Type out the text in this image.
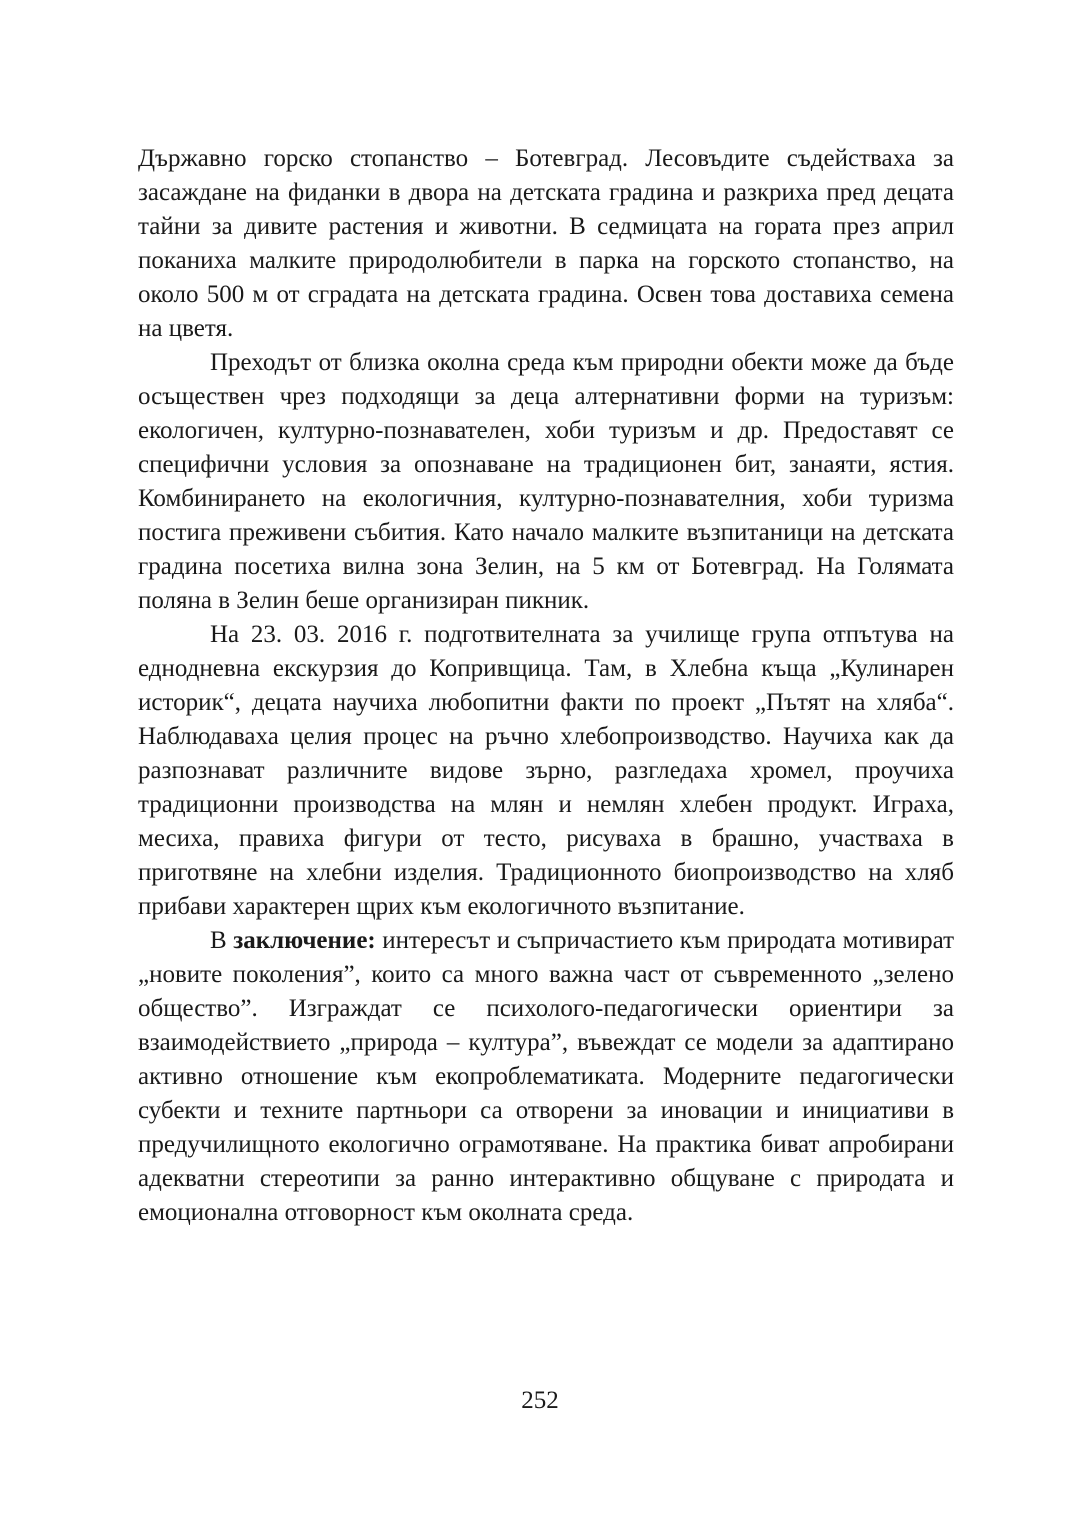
Държавно горско стопанство – Ботевград. Лесовъдите съдействаха за засаждане на фиданки в двора на детската градина и разкриха пред децата тайни за дивите растения и животни. В седмицата на гората през април поканиха малките природолюбители в парка на горското стопанство, на около 500 м от сградата на детската градина. Освен това доставиха семена на цветя.

Преходът от близка околна среда към природни обекти може да бъде осъществен чрез подходящи за деца алтернативни форми на туризъм: екологичен, културно-познавателен, хоби туризъм и др. Предоставят се специфични условия за опознаване на традиционен бит, занаяти, ястия. Комбинирането на екологичния, културно-познавателния, хоби туризма постига преживени събития. Като начало малките възпитаници на детската градина посетиха вилна зона Зелин, на 5 км от Ботевград. На Голямата поляна в Зелин беше организиран пикник.

На 23. 03. 2016 г. подготвителната за училище група отпътува на еднодневна екскурзия до Копривщица. Там, в Хлебна къща „Кулинарен историк“, децата научиха любопитни факти по проект „Пътят на хляба“. Наблюдаваха целия процес на ръчно хлебопроизводство. Научиха как да разпознават различните видове зърно, разгледаха хромел, проучиха традиционни производства на млян и немлян хлебен продукт. Играха, месиха, правиха фигури от тесто, рисуваха в брашно, участваха в приготвяне на хлебни изделия. Традиционното биопроизводство на хляб прибави характерен щрих към екологичното възпитание.

В заключение: интересът и съпричастието към природата мотивират „новите поколения”, които са много важна част от съвременното „зелено общество”. Изграждат се психолого-педагогически ориентири за взаимодействието „природа – култура”, въвеждат се модели за адаптирано активно отношение към екопроблематиката. Модерните педагогически субекти и техните партньори са отворени за иновации и инициативи в предучилищното екологично ограмотяване. На практика биват апробирани адекватни стереотипи за ранно интерактивно общуване с природата и емоционална отговорност към околната среда.

252
